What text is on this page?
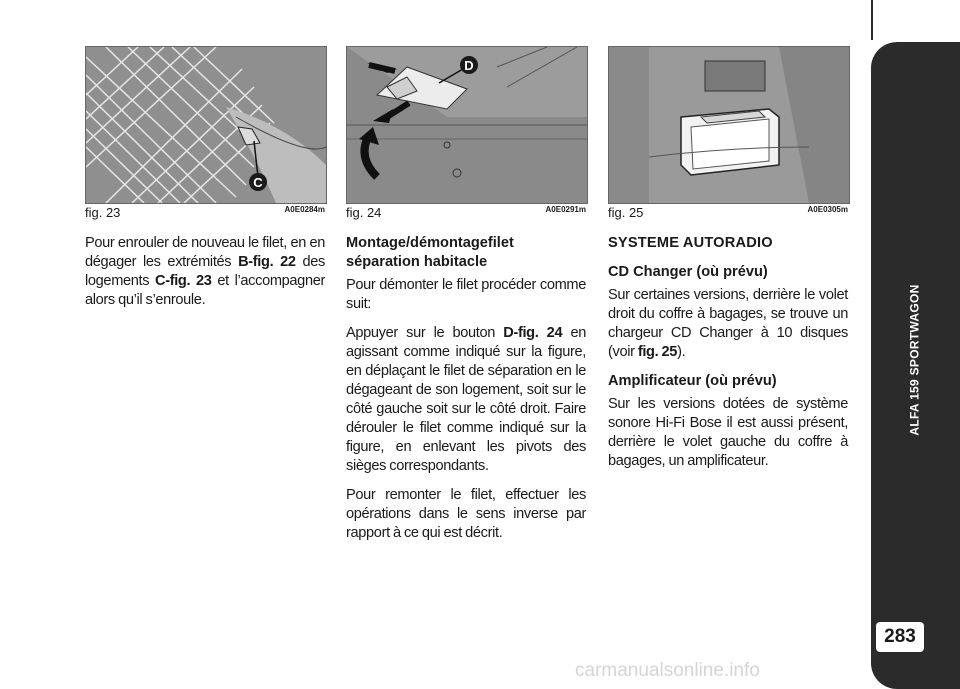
ALFA 159 SPORTWAGON
283
C
fig. 23	A0E0284m
D
fig. 24	A0E0291m fig. 25	A0E0305m

Pour enrouler de nouveau le filet, en en dégager les extrémités B-fig. 22 des logements C-fig. 23 et l’accompagner alors qu’il s’enroule.

Montage/démontagefilet séparation habitacle

Pour démonter le filet procéder comme suit:

Appuyer sur le bouton D-fig. 24 en agissant comme indiqué sur la figure, en déplaçant le filet de séparation en le dégageant de son logement, soit sur le côté gauche soit sur le côté droit. Faire dérouler le filet comme indiqué sur la figure, en enlevant les pivots des sièges correspondants.

Pour remonter le filet, effectuer les opérations dans le sens inverse par rapport à ce qui est décrit.

SYSTEME AUTORADIO
CD Changer (où prévu)

Sur certaines versions, derrière le volet droit du coffre à bagages, se trouve un chargeur CD Changer à 10 disques (voir fig. 25).

Amplificateur (où prévu)

Sur les versions dotées de système sonore Hi-Fi Bose il est aussi présent, derrière le volet gauche du coffre à bagages, un amplificateur.

carmanualsonline.info
